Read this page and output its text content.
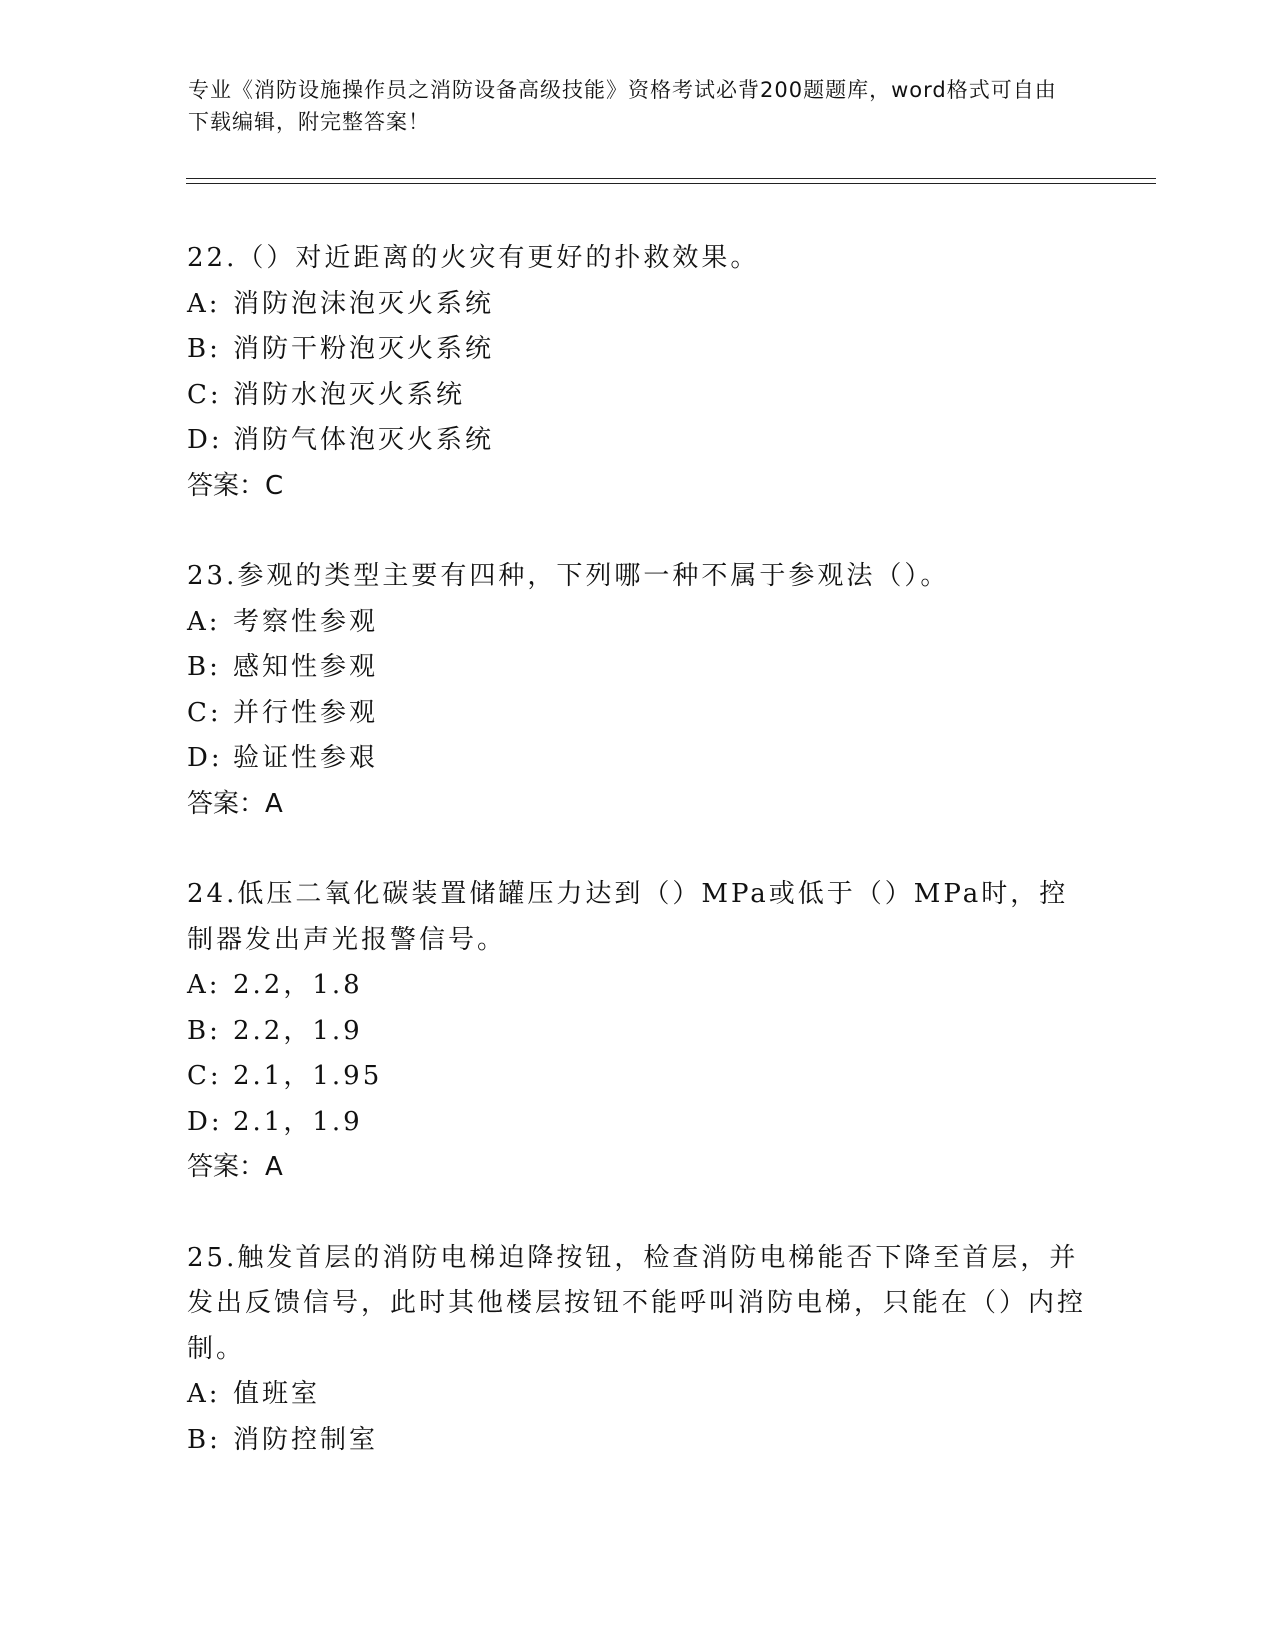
专业《消防设施操作员之消防设备高级技能》资格考试必背200题题库，word格式可自由下载编辑，附完整答案！

22.（）对近距离的火灾有更好的扑救效果。

A: 消防泡沫泡灭火系统

B: 消防干粉泡灭火系统

C: 消防水泡灭火系统

D: 消防气体泡灭火系统

答案：C

23.参观的类型主要有四种，下列哪一种不属于参观法（）。

A: 考察性参观

B: 感知性参观

C: 并行性参观

D: 验证性参艰

答案：A

24.低压二氧化碳装置储罐压力达到（）MPa或低于（）MPa时，控制器发出声光报警信号。

A: 2.2，1.8

B: 2.2，1.9

C: 2.1，1.95

D: 2.1，1.9

答案：A

25.触发首层的消防电梯迫降按钮，检查消防电梯能否下降至首层，并发出反馈信号，此时其他楼层按钮不能呼叫消防电梯，只能在（）内控制。

A: 值班室

B: 消防控制室
